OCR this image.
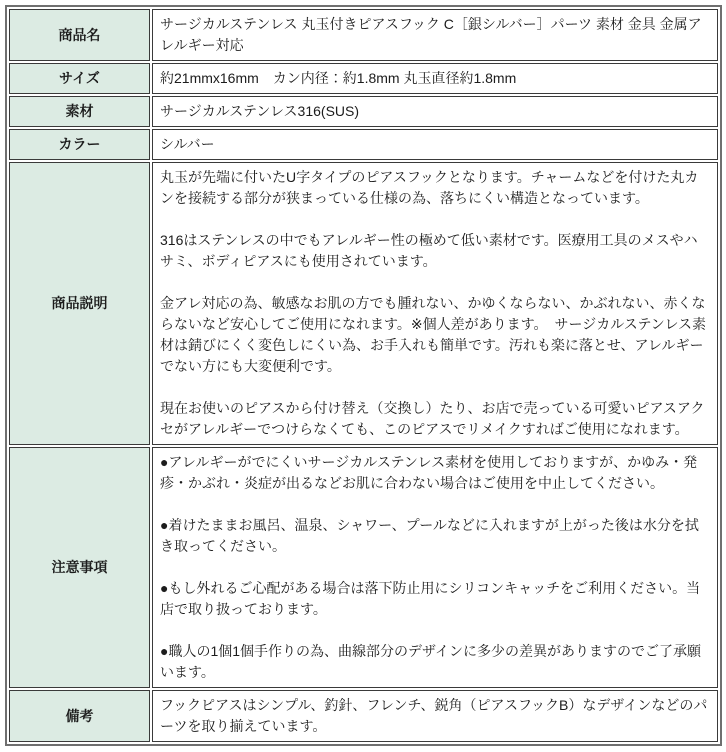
商品名	サージカルステンレス 丸玉付きピアスフック C［銀シルバー］パーツ 素材 金具 金属アレルギー対応

サイズ	約21mmx16mm　カン内径：約1.8mm 丸玉直径約1.8mm

素材	サージカルステンレス316(SUS)

カラー	シルバー

商品説明	丸玉が先端に付いたU字タイプのピアスフックとなります。チャームなどを付けた丸カンを接続する部分が狭まっている仕様の為、落ちにくい構造となっています。

316はステンレスの中でもアレルギー性の極めて低い素材です。医療用工具のメスやハサミ、ボディピアスにも使用されています。

金アレ対応の為、敏感なお肌の方でも腫れない、かゆくならない、かぶれない、赤くならないなど安心してご使用になれます。※個人差があります。　サージカルステンレス素材は錆びにくく変色しにくい為、お手入れも簡単です。汚れも楽に落とせ、アレルギーでない方にも大変便利です。

現在お使いのピアスから付け替え（交換し）たり、お店で売っている可愛いピアスアクセがアレルギーでつけらなくても、このピアスでリメイクすればご使用になれます。

注意事項	●アレルギーがでにくいサージカルステンレス素材を使用しておりますが、かゆみ・発疹・かぶれ・炎症が出るなどお肌に合わない場合はご使用を中止してください。

●着けたままお風呂、温泉、シャワー、プールなどに入れますが上がった後は水分を拭き取ってください。

●もし外れるご心配がある場合は落下防止用にシリコンキャッチをご利用ください。当店で取り扱っております。

●職人の1個1個手作りの為、曲線部分のデザインに多少の差異がありますのでご了承願います。

備考	フックピアスはシンプル、釣針、フレンチ、鋭角（ピアスフックB）なデザインなどのパーツを取り揃えています。
